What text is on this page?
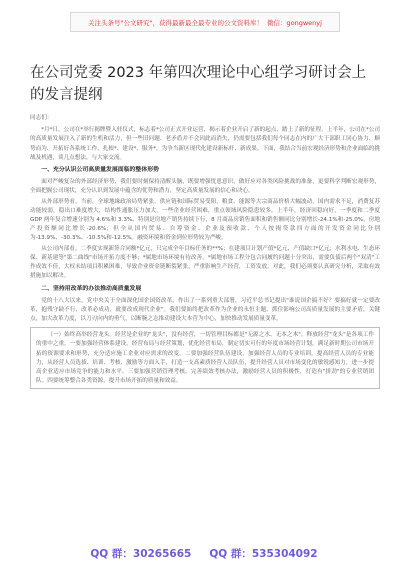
关注头条号"公文研究"，获得最新最全最专业的公文资料库！ 微信：gongwenyj
在公司党委 2023 年第四次理论中心组学习研讨会上
的发言提纲

同志们：

*月*日，公司在*举行揭牌暨入驻仪式，标志着*公司正式开业运营，揭示着企业开启了新的起点、踏上了新的征程。上半年，公司在*公司的高质量发展注入了新的生机和活力，但一些旧问题、老矛盾并不会因此而消失，仍需要包括我们每个同志在内的广大干部职工同心协力、顺势而为、开拓好各系统工作，扎根*、建设*、服务*，为争当新区现代化建设新标杆、新成果。下面，我结合当前宏观经济形势和企业面临的挑战及机遇，谈几点想法，与大家交流。

一、充分认识公司高质量发展面临的整体形势

面对严峻复杂的外部经济形势，我们要时刻保持清醒头脑，既要增强忧患意识，做好应对各类风险挑战的准备，更要科学判断宏观形势，全面把握公司现状，充分认识到发展中蕴含的优势和潜力，坚定高质量发展的信心和决心。

从外部形势看，当前，全球地缘政治局势紧张，供应链和国际贸易受阻，粮食、能源等大宗商品价格大幅波动，国内需求不足，消费复苏动能较弱，稳出口难度增大，结构性通胀压力加大，一些企业经营困难，重点领域风险隐患较多。上半年，经济回稳向好，一季度和二季度 GDP 两年复合增速分别为 4.6%和 3.3%，特别是房地产销售持续下行，8 月商品房销售面积和销售额同比分别增长-24.1%和-25.0%，房地产投资额同比增长-20.6%；但全从国内贸易、自筹资金、企业及预收款、个人按揭贷款四方面的开发资金同比分别为-13.9%、-30.3%、-10.5%和-12.5%。融资环境和资金到位形势较为严峻。

从公司内部看。二季度实现新签合同额*亿元，只完成全年目标任务的**%；在建项目计划产值*亿元，产值缺口*亿元；水利水电、生态环保、新基建等"第二曲线"市场开拓力度不够；*属地市场环境有待改善，*属地市场工程分包合同履约问题十分突出，需要负债后两个"双清"工作成效不佳，大权未结项目积累困难，导致企业资金链断裂紧张，严重影响生产经营，工资发放。对此，我们必须要认真研究分析，采取有效措施加以解决。

二、坚持用改革的办法推动高质量发展

党的十八大以来，党中央关于全面深化国企国资改革，作出了一系列重大部署，习近平总书记提出"谁说国企搞不好？要搞好就一定要改革，抱残守缺不行，改革必成功，就要改成现代企业"。我们要始终把改革作为企业的永恒主题，抓住影响公司高质量发展的主要矛盾，关键点，加大改革力度，以刀刃向内的勇气，以断腕之志推动建设大本营为中心，加快推动发展质量变革。

（一）始终高举经营龙头。经营是企业的"龙头"，没有经营，一切管理目标都是"无源之水、无本之木"。释放经营"龙头"是各项工作的重中之重。一要加强经营体系建设，经营布局与经营策划，优化经营布局，制定切实可行的年度市场经营计划，满足新时期公司市场开拓的资源要求和形势，充分适应施工企业对应需求的改变。二要加强经营队伍建设，加强经营人员的专业培训，提高经营人员的专业能力，从经营人员选拔、培训、考核、激励等方面入手，打造一支高素质经营人员队伍，提升经营人员对市场变化的敏锐感知力，进一步提高企业适应市场竞争的能力和水平。三要加强营销管理考核，完善绩效考核办法，激励经营人员的积极性，打造有"拼劲"的专业营销团队。四要统筹整合各类资源，提升市场开拓的质量和效益。

QQ 群：30265665 QQ 群：535304092
